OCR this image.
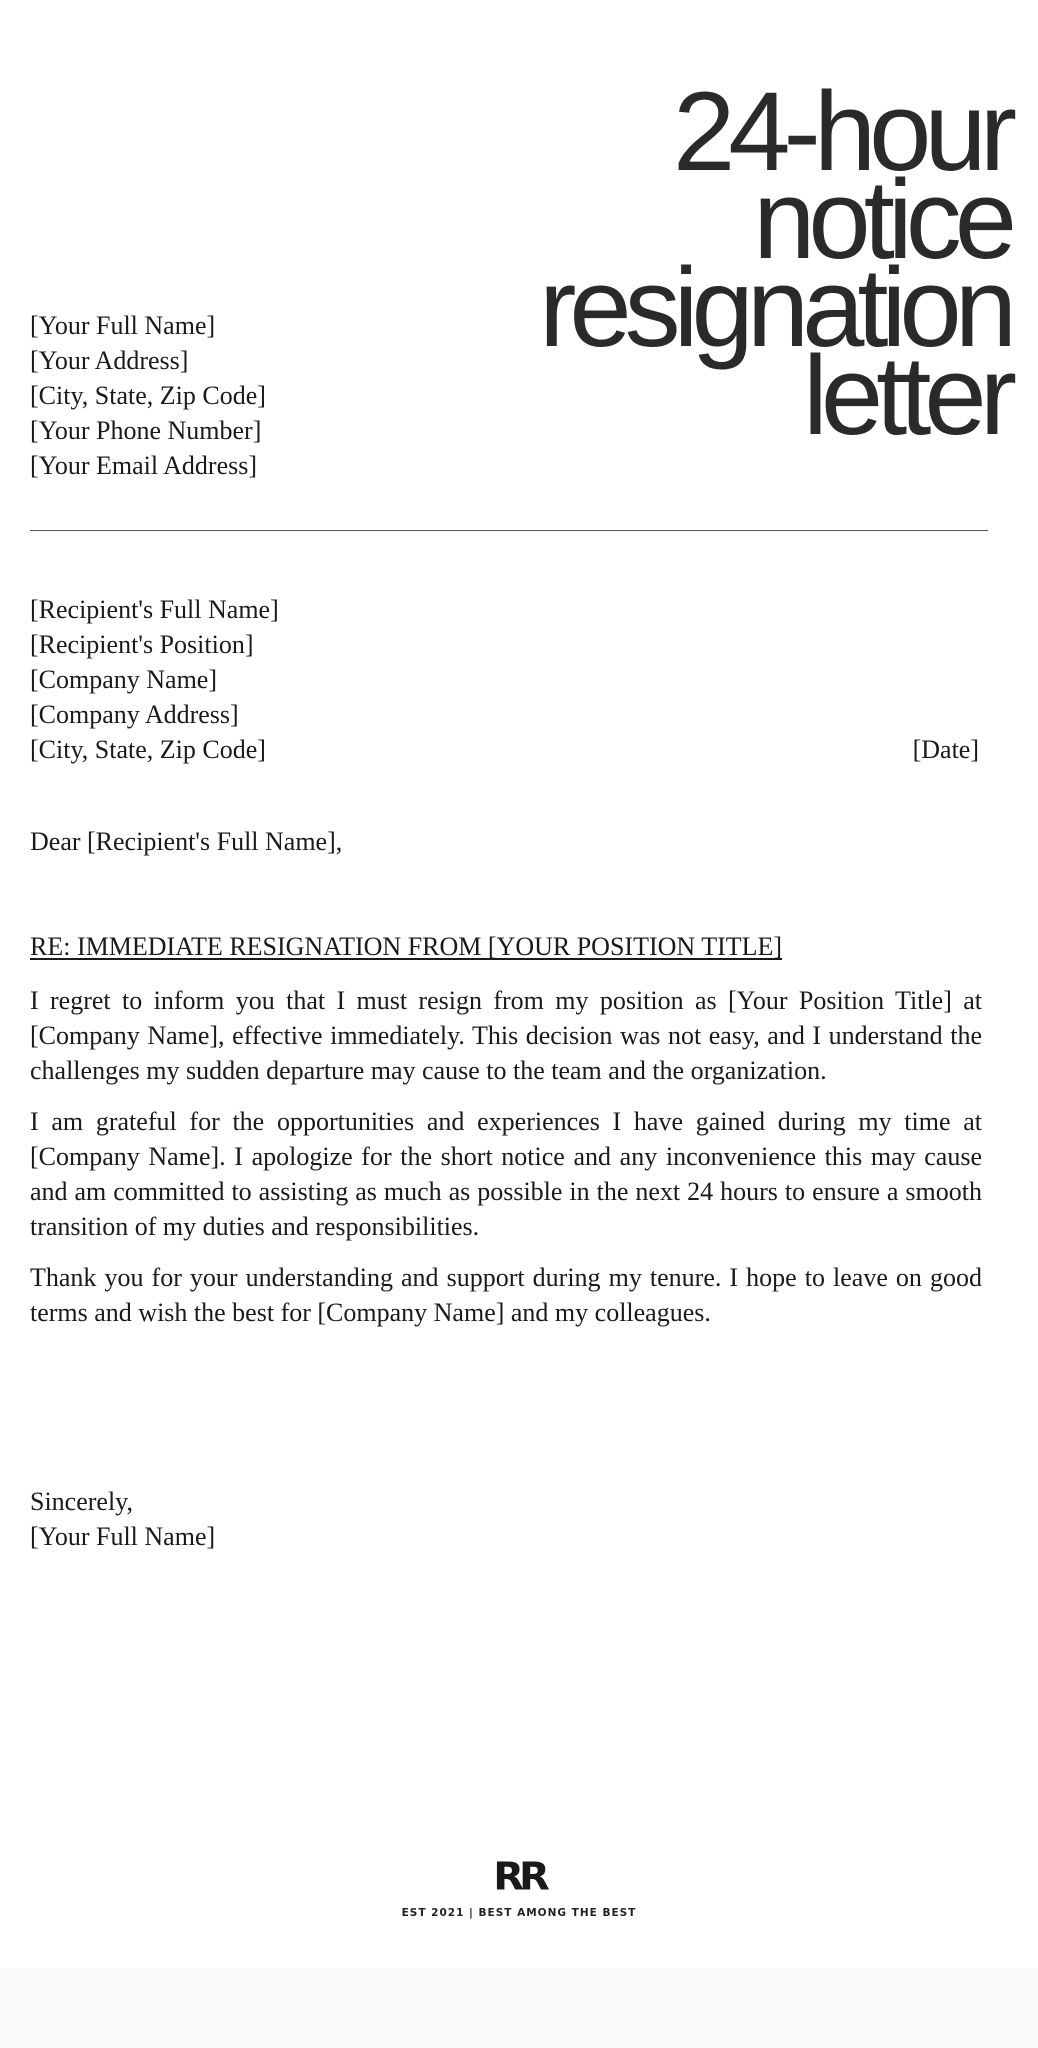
24-hour
notice
resignation
letter
[Your Full Name]
[Your Address]
[City, State, Zip Code]
[Your Phone Number]
[Your Email Address]
[Recipient's Full Name]
[Recipient's Position]
[Company Name]
[Company Address]
[City, State, Zip Code]	[Date]
Dear [Recipient's Full Name],
RE: IMMEDIATE RESIGNATION FROM [YOUR POSITION TITLE]

I regret to inform you that I must resign from my position as [Your Position Title] at [Company Name], effective immediately. This decision was not easy, and I understand the challenges my sudden departure may cause to the team and the organization.

I am grateful for the opportunities and experiences I have gained during my time at [Company Name]. I apologize for the short notice and any inconvenience this may cause and am committed to assisting as much as possible in the next 24 hours to ensure a smooth transition of my duties and responsibilities.

Thank you for your understanding and support during my tenure. I hope to leave on good terms and wish the best for [Company Name] and my colleagues.

Sincerely,
[Your Full Name]
RR
EST 2021 | BEST AMONG THE BEST
